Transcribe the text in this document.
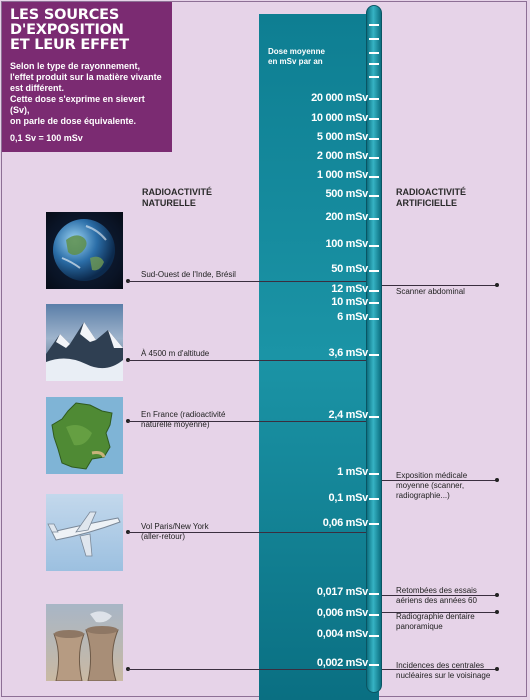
LES SOURCES
D'EXPOSITION
ET LEUR EFFET
Selon le type de rayonnement,
l'effet produit sur la matière vivante
est différent.
Cette dose s'exprime en sievert (Sv),
on parle de dose équivalente.
0,1 Sv = 100 mSv
Dose moyenne
en mSv par an
20 000 mSv
10 000 mSv
5 000 mSv
2 000 mSv
1 000 mSv
500 mSv
200 mSv
100 mSv
50 mSv
12 mSv
10 mSv
6 mSv
3,6 mSv
2,4 mSv
1 mSv
0,1 mSv
0,06 mSv
0,017 mSv
0,006 mSv
0,004 mSv
0,002 mSv
RADIOACTIVITÉ
NATURELLE
RADIOACTIVITÉ
ARTIFICIELLE
Sud-Ouest de l'Inde, Brésil
À 4500 m d'altitude
En France (radioactivité
naturelle moyenne)
Vol Paris/New York
(aller-retour)
Scanner abdominal
Exposition médicale
moyenne (scanner,
radiographie...)
Retombées des essais
aériens des années 60
Radiographie dentaire
panoramique
Incidences des centrales
nucléaires sur le voisinage
